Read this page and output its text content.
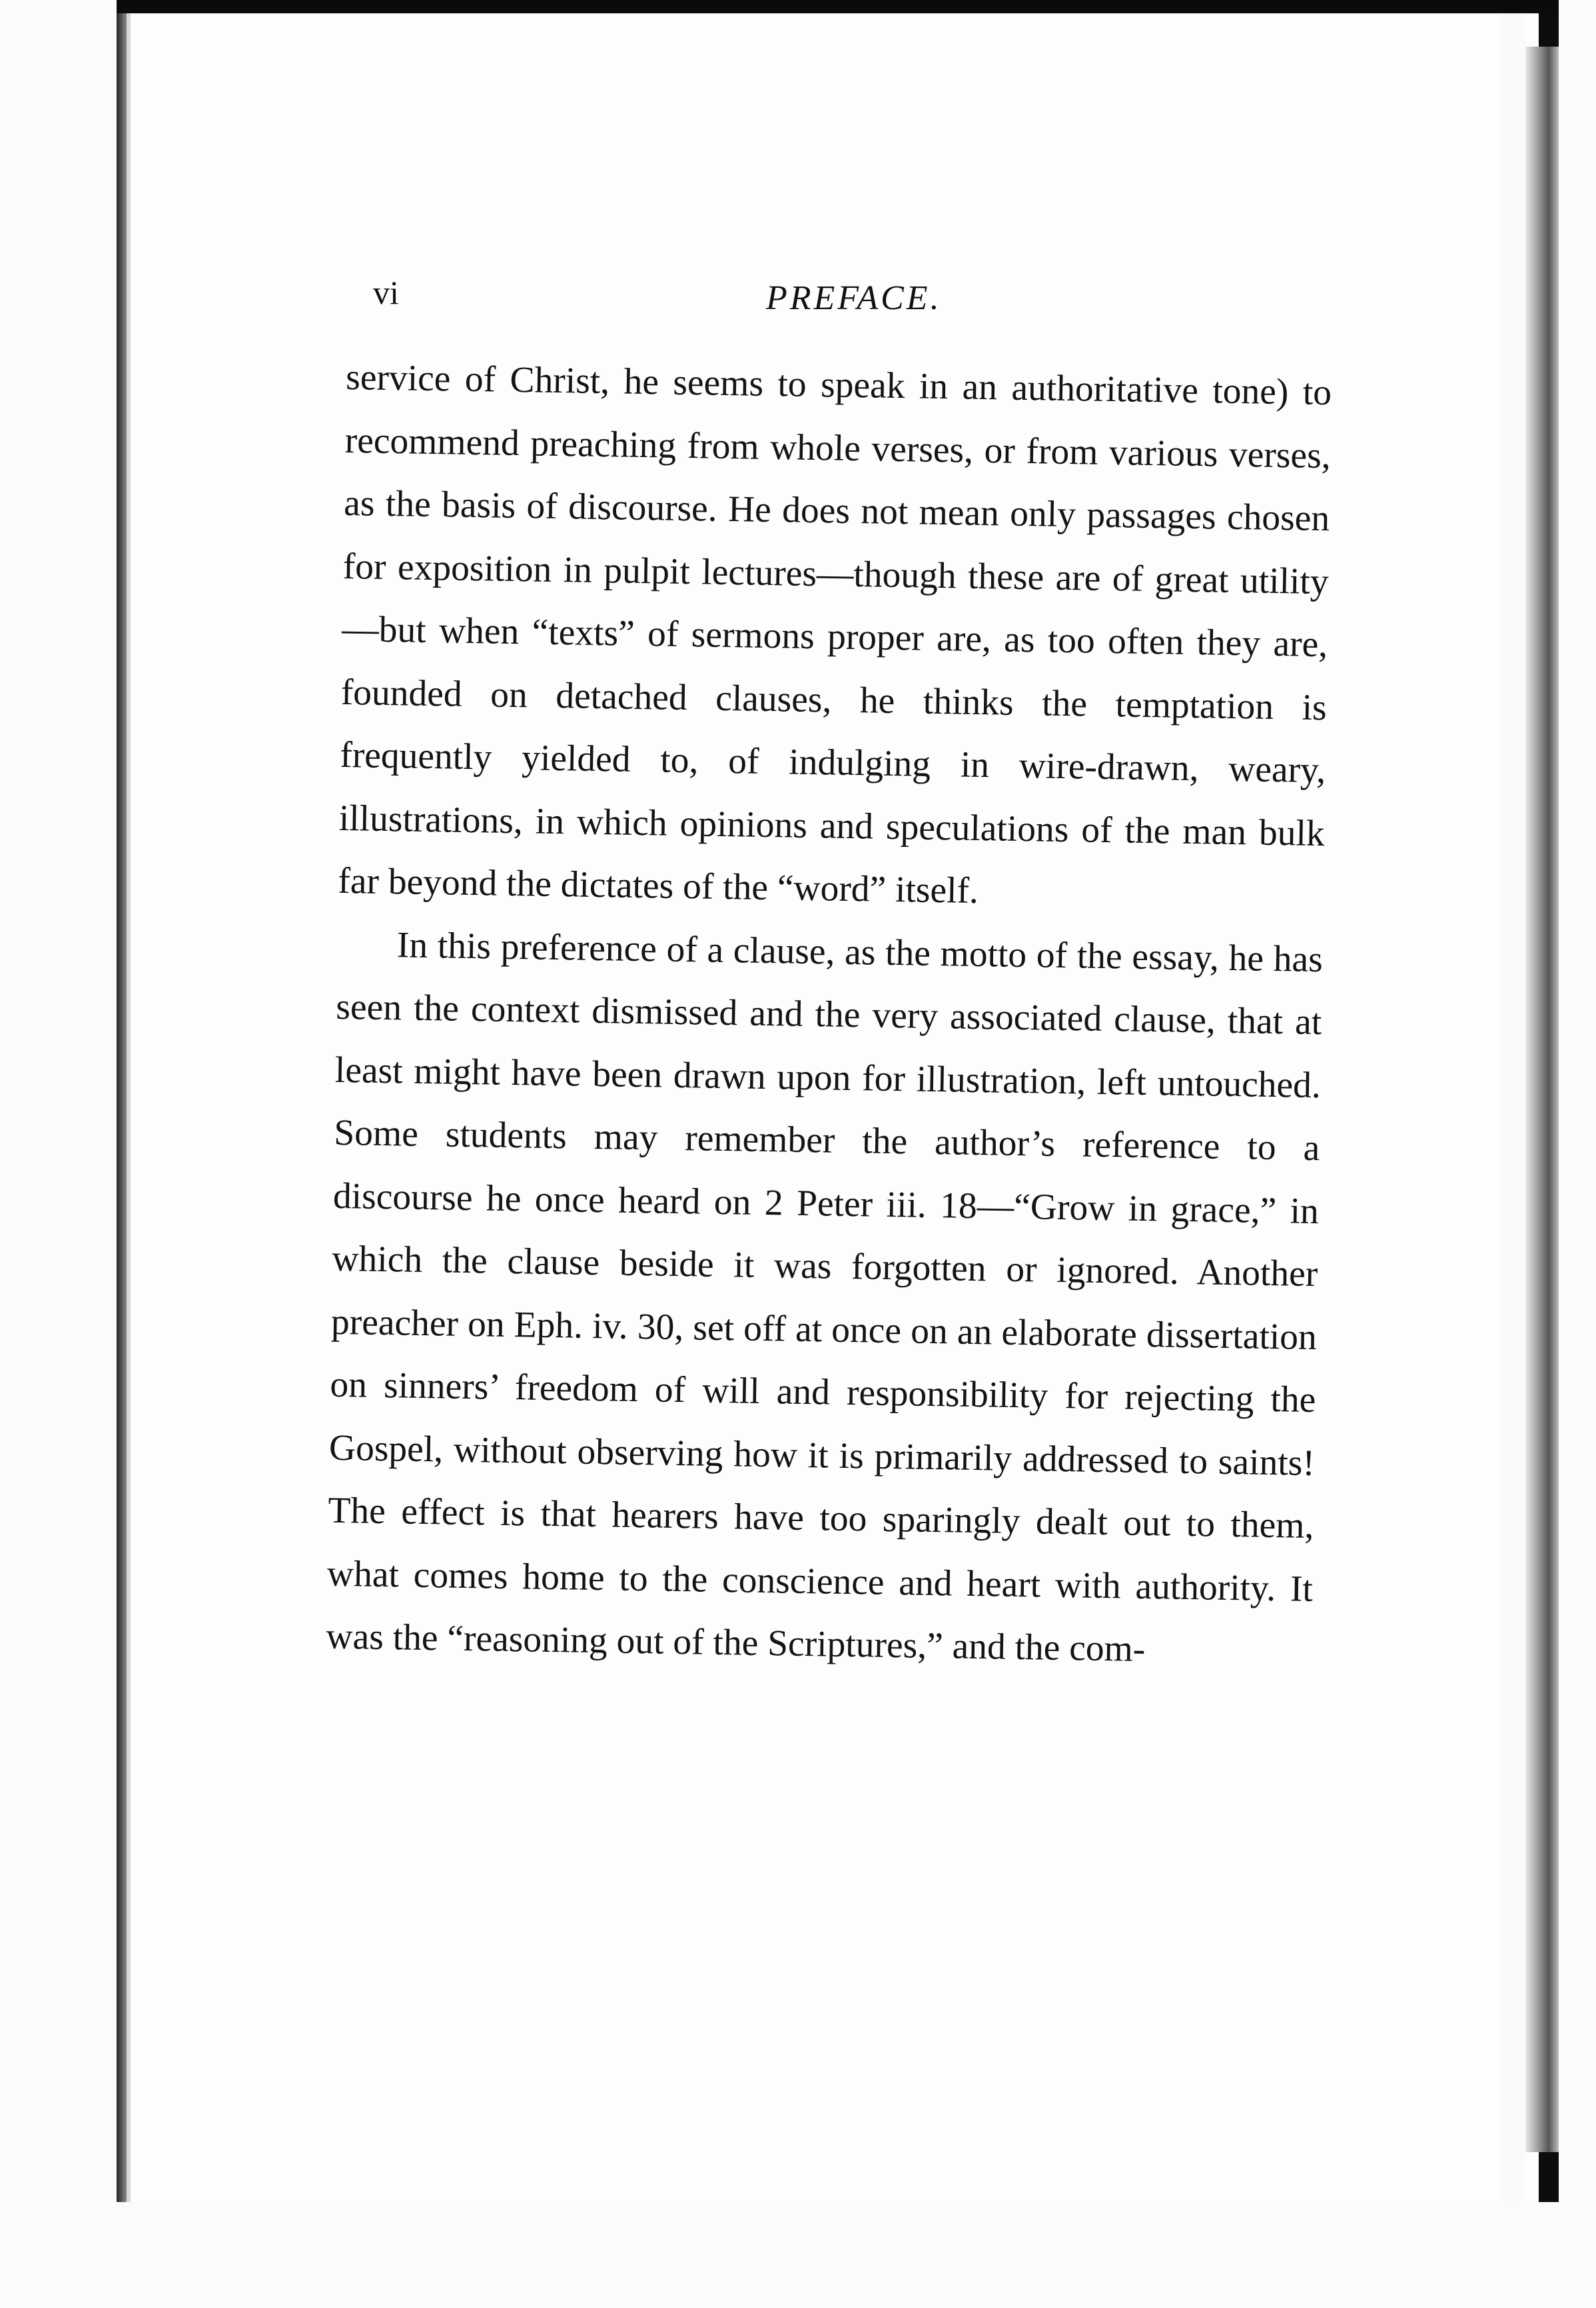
vi	PREFACE.

service of Christ, he seems to speak in an authoritative tone) to recommend preaching from whole verses, or from various verses, as the basis of discourse. He does not mean only passages chosen for exposition in pulpit lectures—though these are of great utility—but when “texts” of sermons proper are, as too often they are, founded on detached clauses, he thinks the temptation is frequently yielded to, of indulging in wire-drawn, weary, illustrations, in which opinions and speculations of the man bulk far beyond the dictates of the “word” itself.

In this preference of a clause, as the motto of the essay, he has seen the context dismissed and the very associated clause, that at least might have been drawn upon for illustration, left untouched. Some students may remember the author’s reference to a discourse he once heard on 2 Peter iii. 18—“Grow in grace,” in which the clause beside it was forgotten or ignored. Another preacher on Eph. iv. 30, set off at once on an elaborate dissertation on sinners’ freedom of will and responsibility for rejecting the Gospel, without observing how it is primarily addressed to saints! The effect is that hearers have too sparingly dealt out to them, what comes home to the conscience and heart with authority. It was the “reasoning out of the Scriptures,” and the com-
